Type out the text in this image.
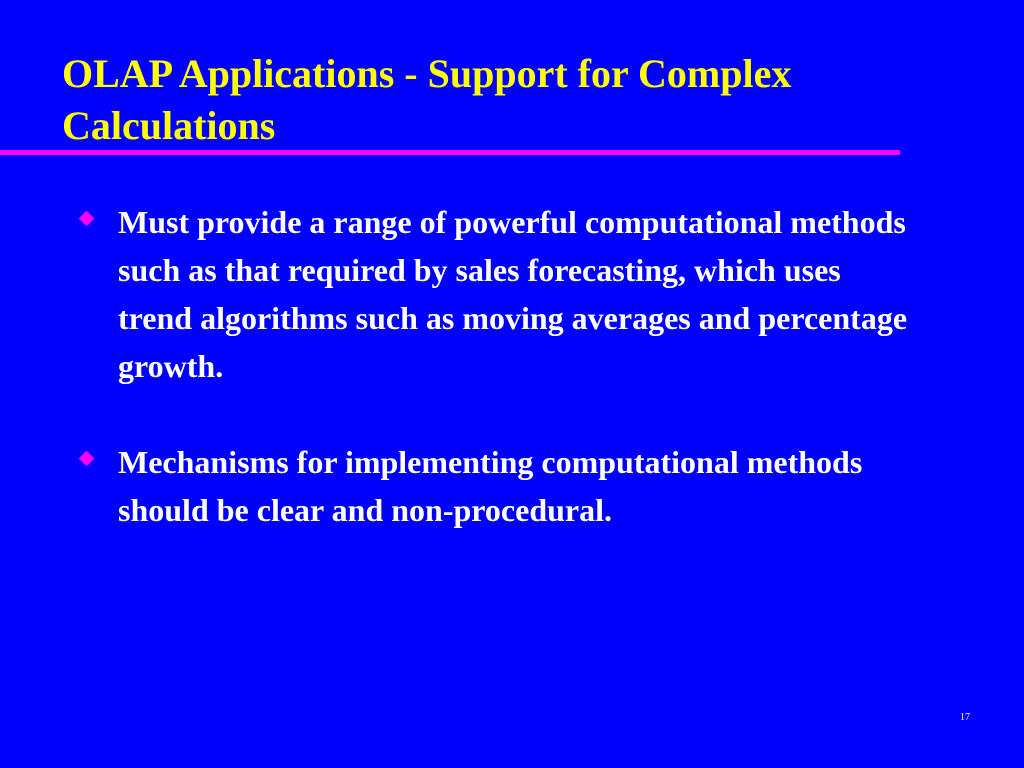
OLAP Applications - Support for Complex Calculations
Must provide a range of powerful computational methods such as that required by sales forecasting, which uses trend algorithms such as moving averages and percentage growth.
Mechanisms for implementing computational methods should be clear and non-procedural.
17
